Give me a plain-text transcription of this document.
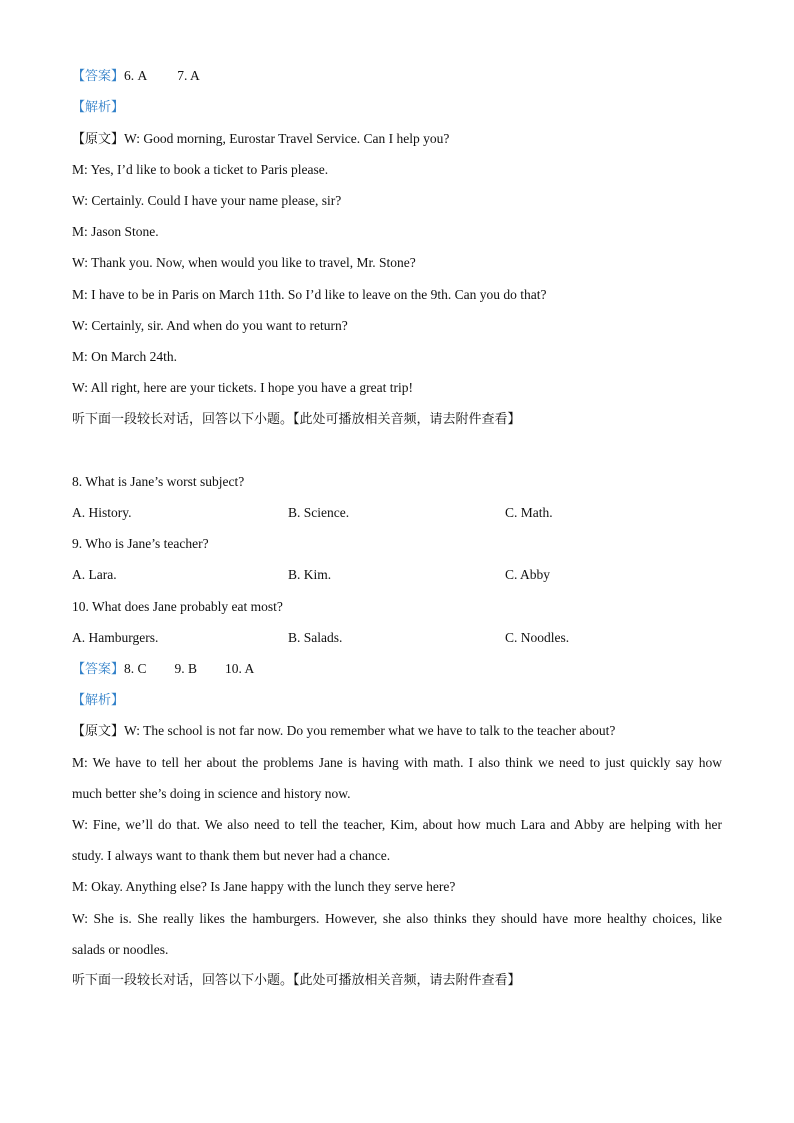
【答案】6. A 7. A
【解析】
【原文】W: Good morning, Eurostar Travel Service. Can I help you?
M: Yes, I’d like to book a ticket to Paris please.
W: Certainly. Could I have your name please, sir?
M: Jason Stone.
W: Thank you. Now, when would you like to travel, Mr. Stone?
M: I have to be in Paris on March 11th. So I’d like to leave on the 9th. Can you do that?
W: Certainly, sir. And when do you want to return?
M: On March 24th.
W: All right, here are your tickets. I hope you have a great trip!
听下面一段较长对话，回答以下小题。【此处可播放相关音频，请去附件查看】
8. What is Jane’s worst subject?
A. History.	B. Science.	C. Math.
9. Who is Jane’s teacher?
A. Lara.	B. Kim.	C. Abby
10. What does Jane probably eat most?
A. Hamburgers.	B. Salads.	C. Noodles.
【答案】8. C 9. B 10. A
【解析】
【原文】W: The school is not far now. Do you remember what we have to talk to the teacher about?
M: We have to tell her about the problems Jane is having with math. I also think we need to just quickly say how
much better she’s doing in science and history now.
W: Fine, we’ll do that. We also need to tell the teacher, Kim, about how much Lara and Abby are helping with her
study. I always want to thank them but never had a chance.
M: Okay. Anything else? Is Jane happy with the lunch they serve here?
W: She is. She really likes the hamburgers. However, she also thinks they should have more healthy choices, like
salads or noodles.
听下面一段较长对话，回答以下小题。【此处可播放相关音频，请去附件查看】
